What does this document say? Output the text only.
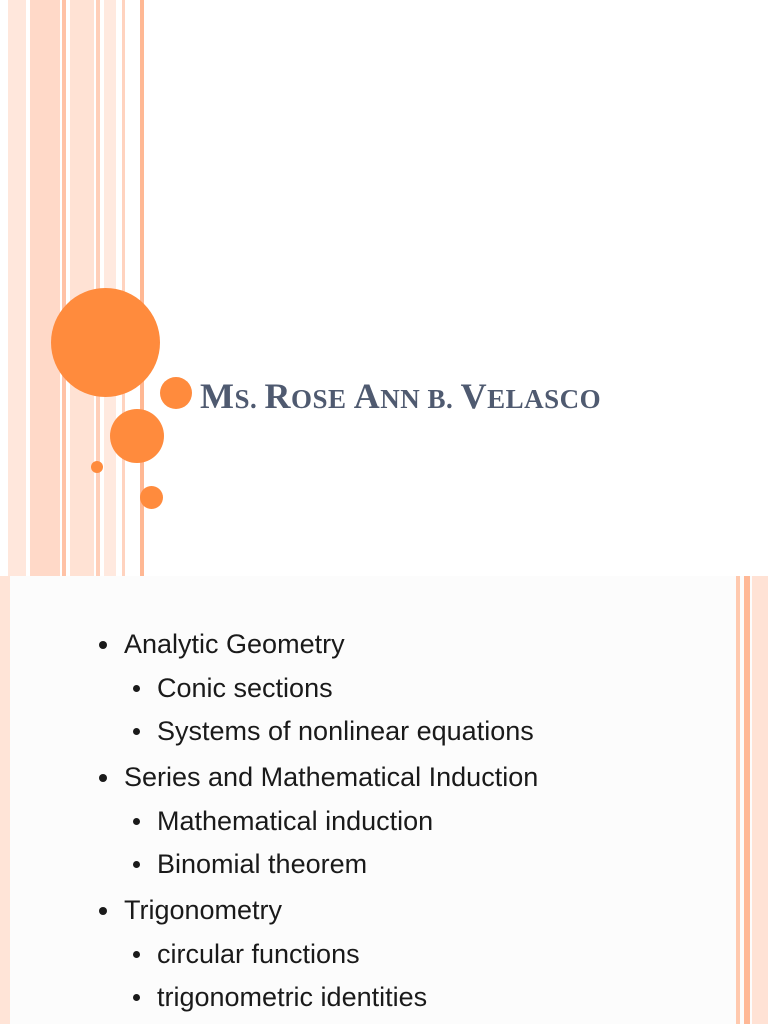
MS. ROSE ANN B. VELASCO
Analytic Geometry
Conic sections
Systems of nonlinear equations
Series and Mathematical Induction
Mathematical induction
Binomial theorem
Trigonometry
circular functions
trigonometric identities
